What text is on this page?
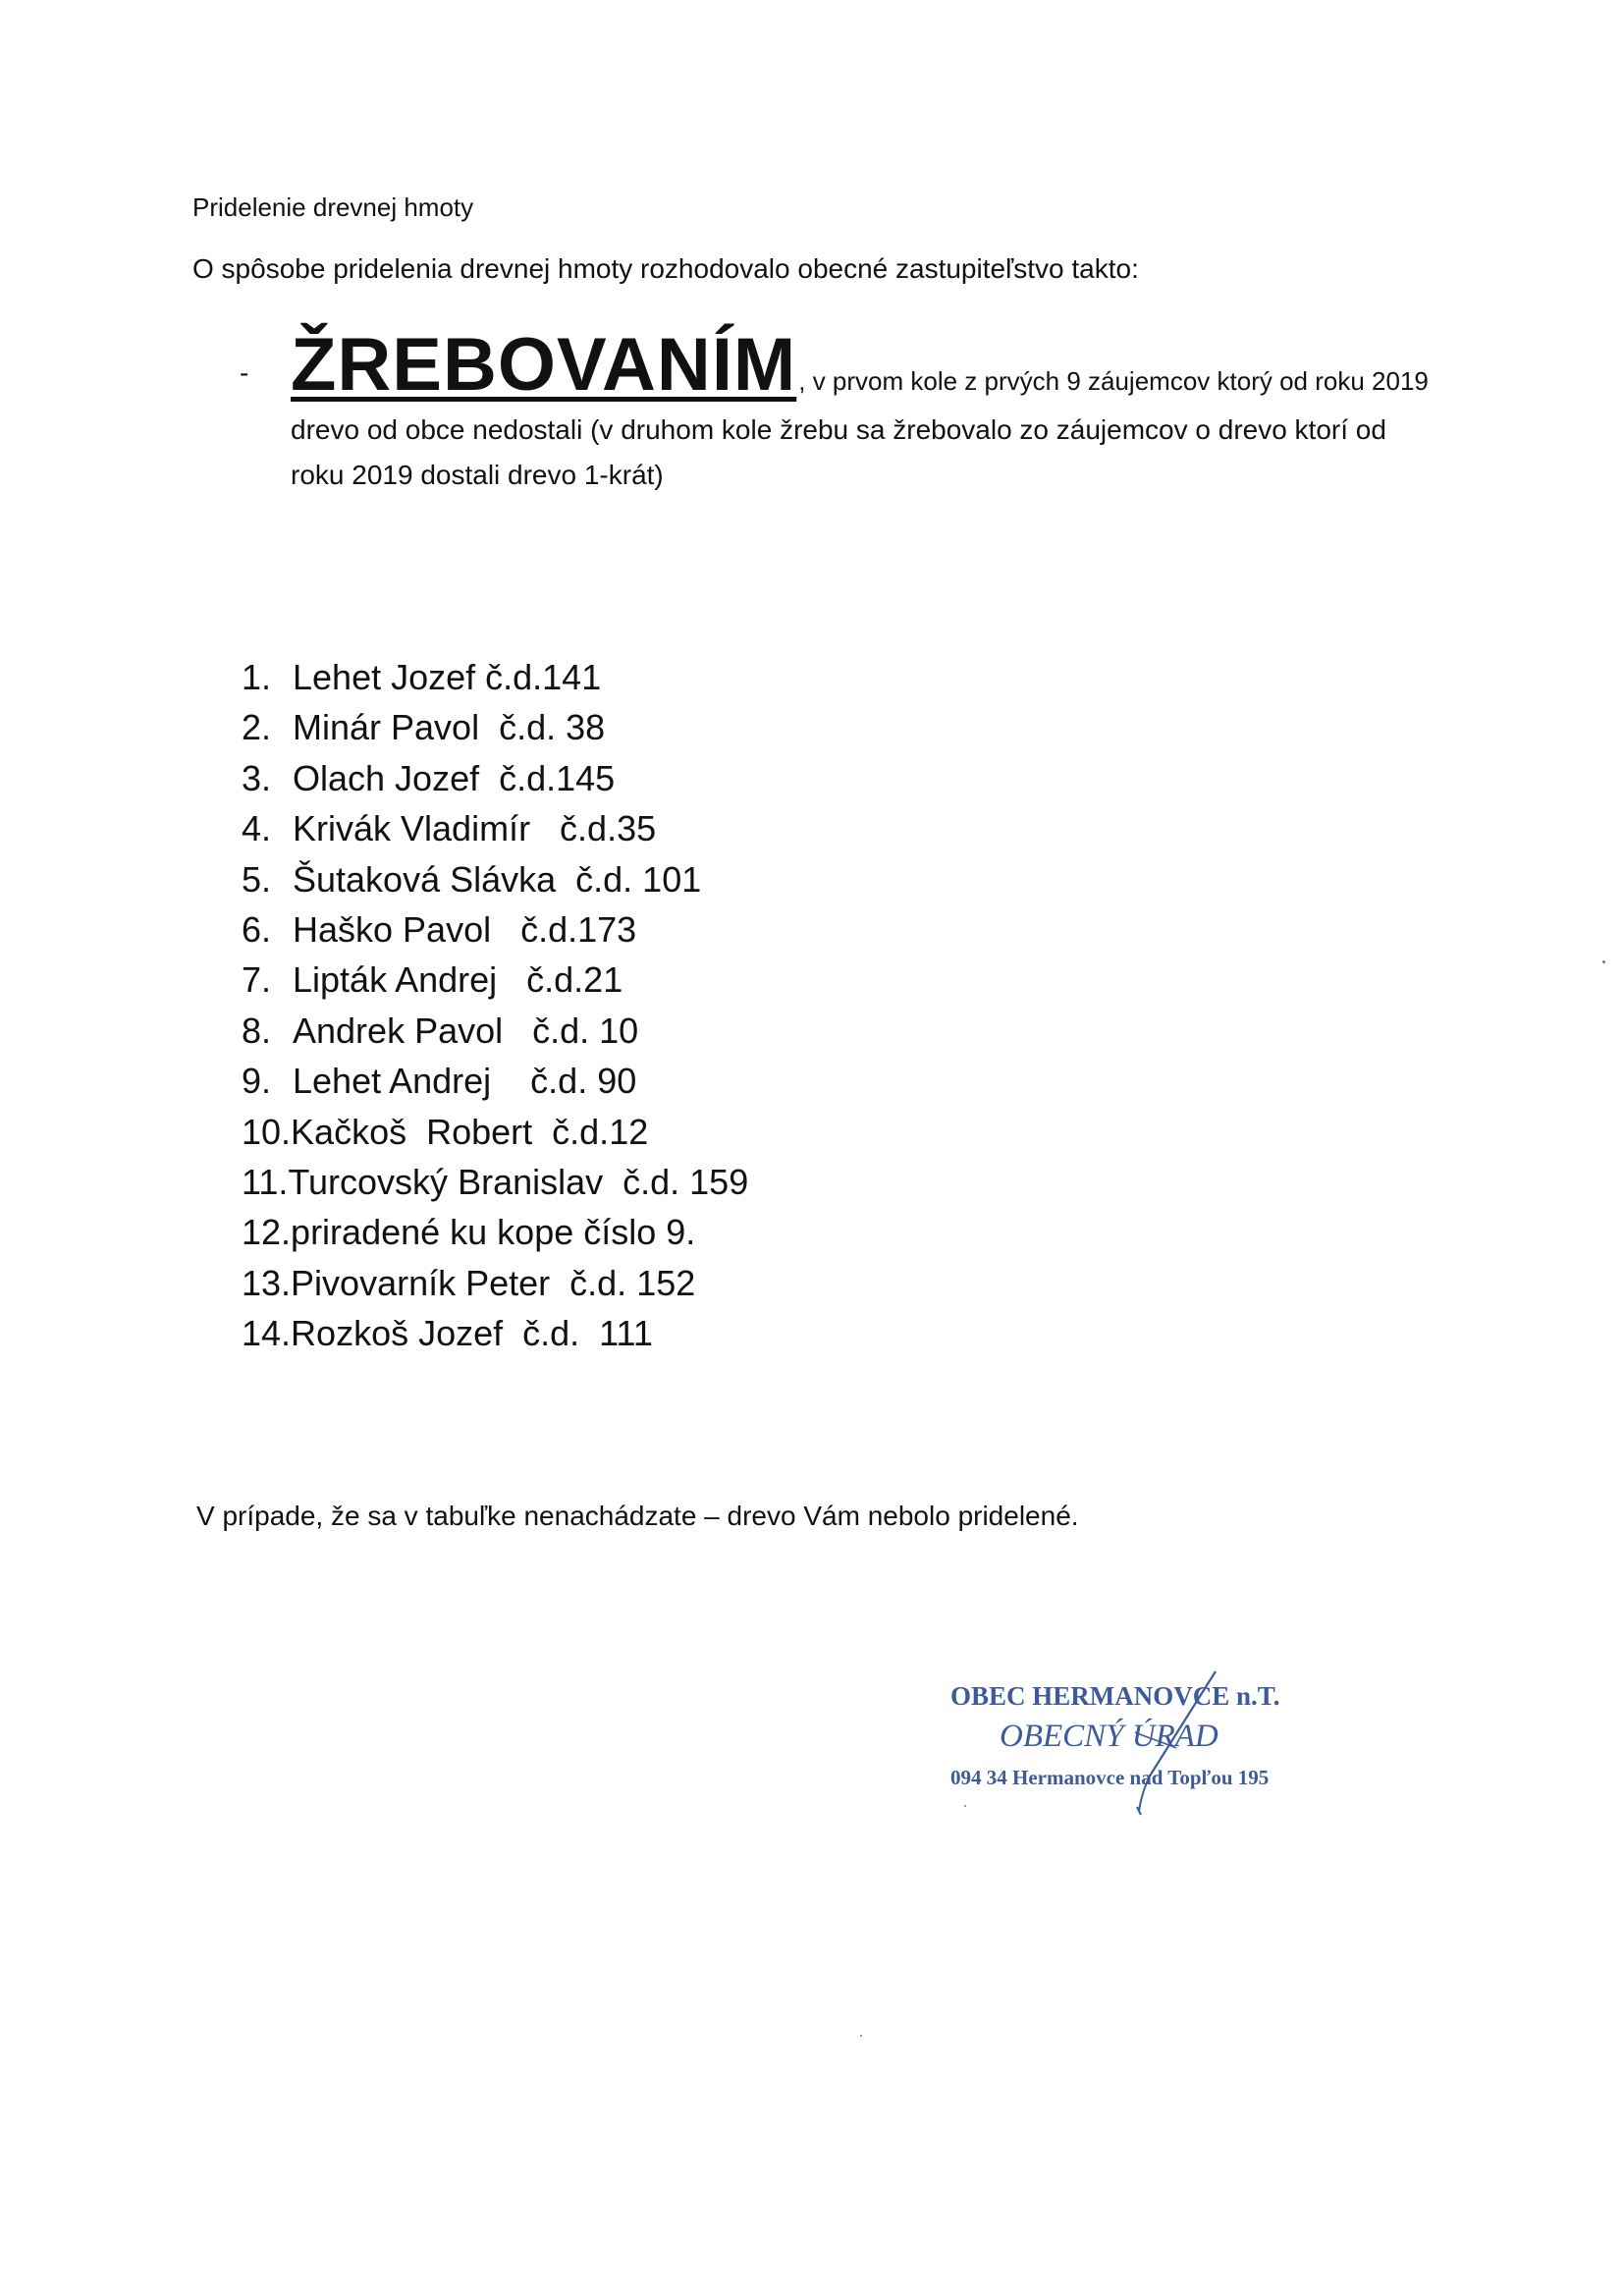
Pridelenie drevnej hmoty
O spôsobe pridelenia drevnej hmoty rozhodovalo obecné zastupiteľstvo takto:
- ŽREBOVANÍM, v prvom kole z prvých 9 záujemcov ktorý od roku 2019
drevo od obce nedostali (v druhom kole žrebu sa žrebovalo zo záujemcov o drevo ktorí od
roku 2019 dostali drevo 1-krát)
1. Lehet Jozef č.d.141
2. Minár Pavol  č.d. 38
3. Olach Jozef  č.d.145
4. Krivák Vladimír   č.d.35
5. Šutaková Slávka  č.d. 101
6. Haško Pavol   č.d.173
7. Lipták Andrej   č.d.21
8. Andrek Pavol   č.d. 10
9. Lehet Andrej    č.d. 90
10.Kačkoš  Robert  č.d.12
11.Turcovský Branislav  č.d. 159
12.priradené ku kope číslo 9.
13.Pivovarník Peter  č.d. 152
14.Rozkoš Jozef  č.d.  111
V prípade, že sa v tabuľke nenachádzate – drevo Vám nebolo pridelené.
OBEC HERMANOVCE n.T.
OBECNÝ ÚRAD
094 34 Hermanovce nad Topľou 195
